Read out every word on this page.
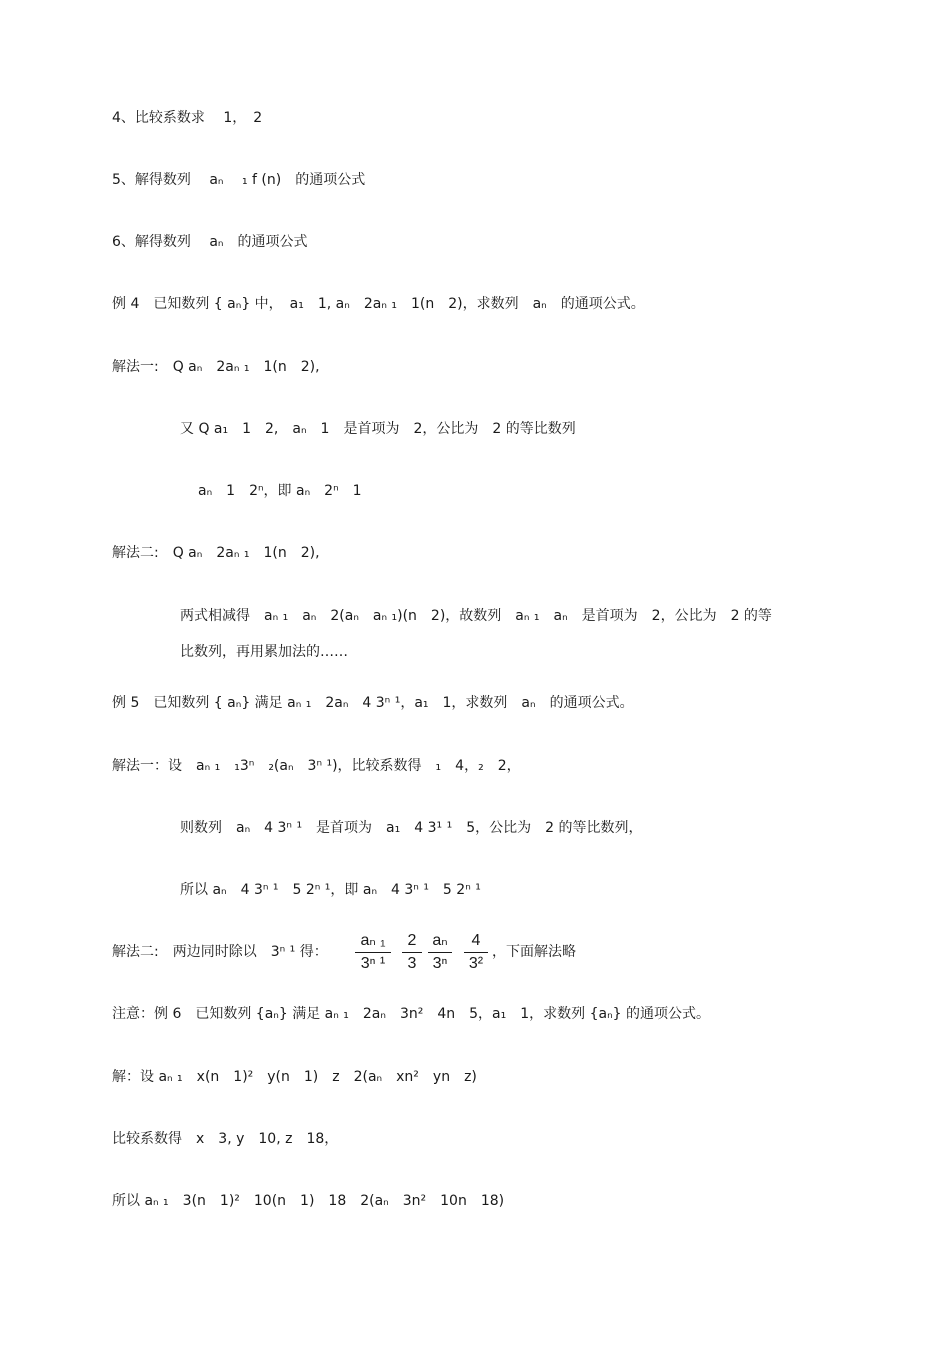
4、比较系数求　 1，　2
5、解得数列　 aₙ　 ₁ f (n)　的通项公式
6、解得数列　 aₙ　的通项公式
例 4　已知数列 { aₙ} 中，　a₁　1, aₙ　2aₙ ₁　1(n　2)，求数列　aₙ　的通项公式。
解法一:　Q aₙ　2aₙ ₁　1(n　2),
又 Q a₁　1　2,　aₙ　1　是首项为　2，公比为　2 的等比数列
aₙ　1　2ⁿ，即 aₙ　2ⁿ　1
解法二:　Q aₙ　2aₙ ₁　1(n　2),
两式相减得　aₙ ₁　aₙ　2(aₙ　aₙ ₁)(n　2)，故数列　aₙ ₁　aₙ　是首项为　2，公比为　2 的等
比数列，再用累加法的……
例 5　已知数列 { aₙ} 满足 aₙ ₁　2aₙ　4 3ⁿ ¹，a₁　1，求数列　aₙ　的通项公式。
解法一：设　aₙ ₁　₁3ⁿ　₂(aₙ　3ⁿ ¹)，比较系数得　₁　4，₂　2，
则数列　aₙ　4 3ⁿ ¹　是首项为　a₁　4 3¹ ¹　5，公比为　2 的等比数列，
所以 aₙ　4 3ⁿ ¹　5 2ⁿ ¹，即 aₙ　4 3ⁿ ¹　5 2ⁿ ¹
解法二:　两边同时除以　3ⁿ ¹ 得：
aₙ ₁
3ⁿ ¹
2
3
aₙ
3ⁿ
4
3²
，下面解法略
注意：例 6　已知数列 {aₙ} 满足 aₙ ₁　2aₙ　3n²　4n　5，a₁　1，求数列 {aₙ} 的通项公式。
解：设 aₙ ₁　x(n　1)²　y(n　1)　z　2(aₙ　xn²　yn　z)
比较系数得　x　3, y　10, z　18，
所以 aₙ ₁　3(n　1)²　10(n　1)　18　2(aₙ　3n²　10n　18)
